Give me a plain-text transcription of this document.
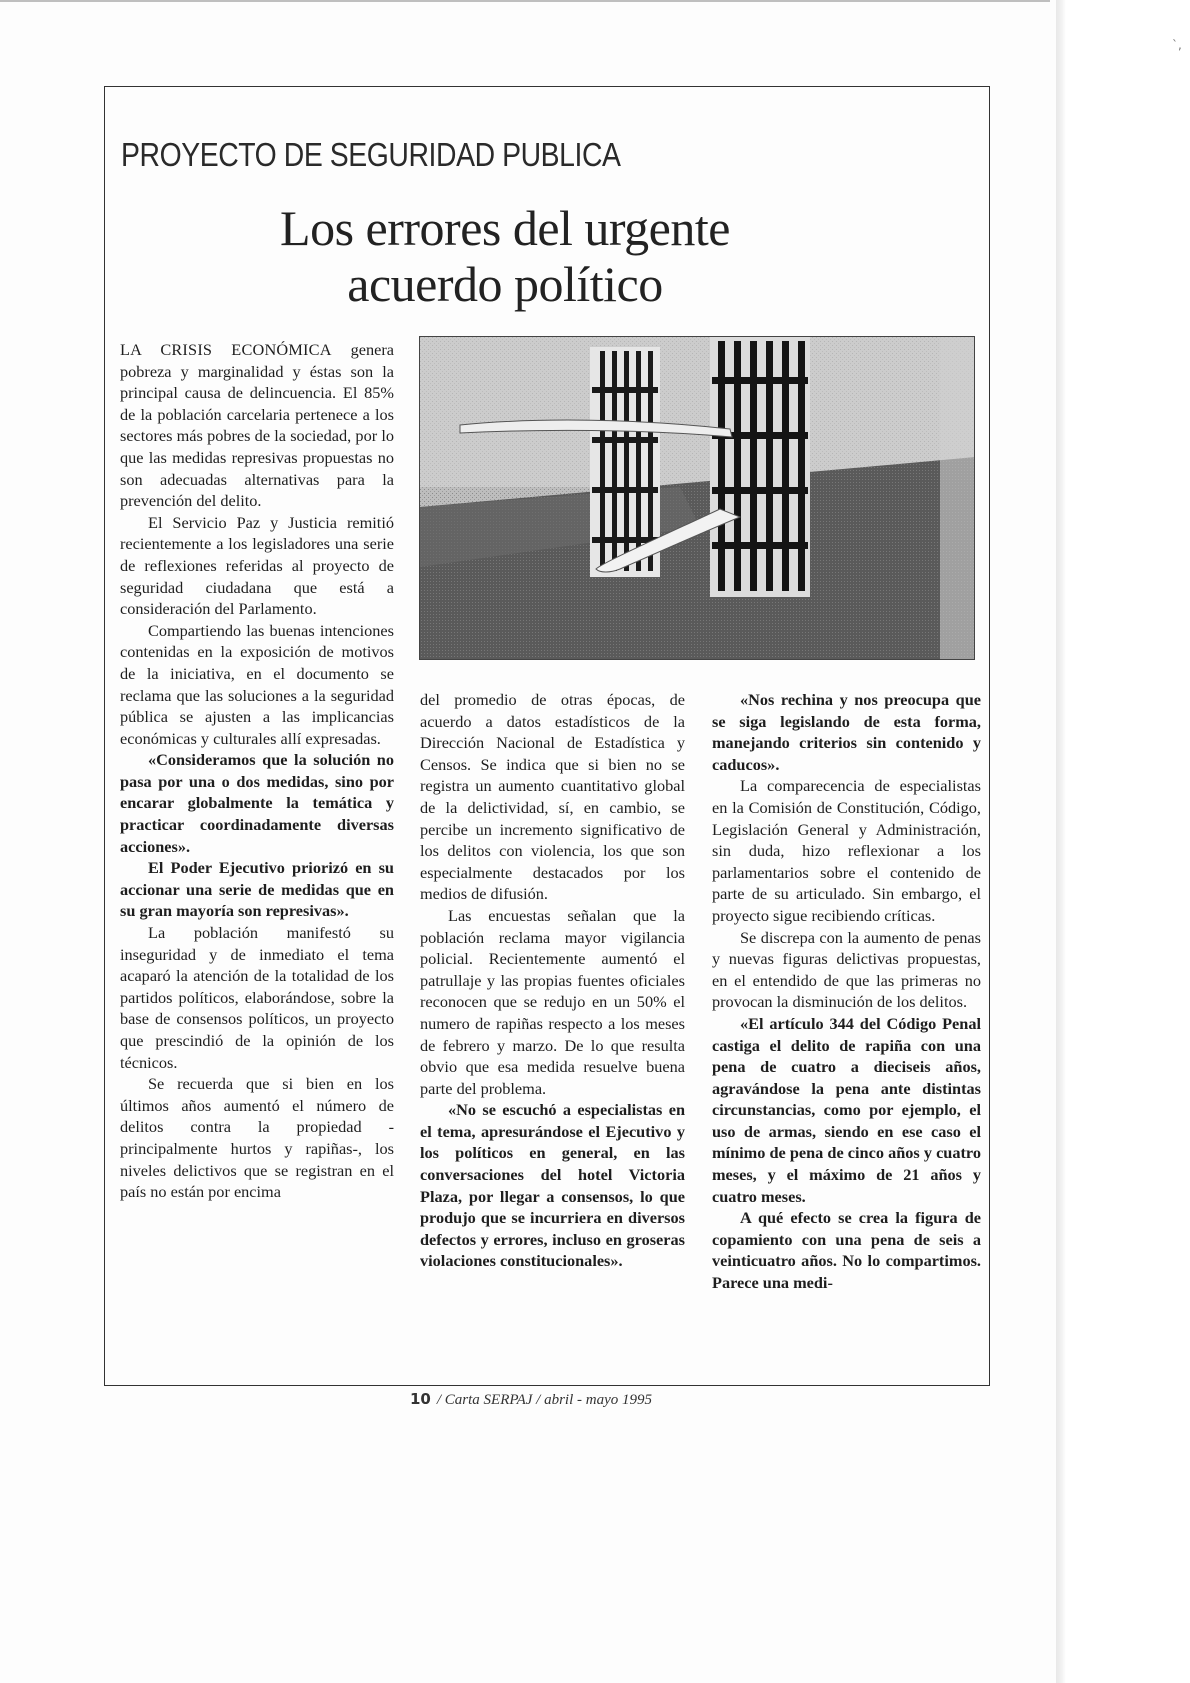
`,
PROYECTO DE SEGURIDAD PUBLICA
Los errores del urgente acuerdo político

LA CRISIS ECONÓMICA genera pobreza y marginalidad y éstas son la principal causa de delincuencia. El 85% de la población carcelaria pertenece a los sectores más pobres de la sociedad, por lo que las medidas represivas propuestas no son adecuadas alternativas para la prevención del delito.

El Servicio Paz y Justicia remitió recientemente a los legisladores una serie de reflexiones referidas al proyecto de seguridad ciudadana que está a consideración del Parlamento.

Compartiendo las buenas intenciones contenidas en la exposición de motivos de la iniciativa, en el documento se reclama que las soluciones a la seguridad pública se ajusten a las implicancias económicas y culturales allí expresadas.

«Consideramos que la solución no pasa por una o dos medidas, sino por encarar globalmente la temática y practicar coordinadamente diversas acciones».

El Poder Ejecutivo priorizó en su accionar una serie de medidas que en su gran mayoría son represivas».

La población manifestó su inseguridad y de inmediato el tema acaparó la atención de la totalidad de los partidos políticos, elaborándose, sobre la base de consensos políticos, un proyecto que prescindió de la opinión de los técnicos.

Se recuerda que si bien en los últimos años aumentó el número de delitos contra la propiedad - principalmente hurtos y rapiñas-, los niveles delictivos que se registran en el país no están por encima

del promedio de otras épocas, de acuerdo a datos estadísticos de la Dirección Nacional de Estadística y Censos. Se indica que si bien no se registra un aumento cuantitativo global de la delictividad, sí, en cambio, se percibe un incremento significativo de los delitos con violencia, los que son especialmente destacados por los medios de difusión.

Las encuestas señalan que la población reclama mayor vigilancia policial. Recientemente aumentó el patrullaje y las propias fuentes oficiales reconocen que se redujo en un 50% el numero de rapiñas respecto a los meses de febrero y marzo. De lo que resulta obvio que esa medida resuelve buena parte del problema.

«No se escuchó a especialistas en el tema, apresurándose el Ejecutivo y los políticos en general, en las conversaciones del hotel Victoria Plaza, por llegar a consensos, lo que produjo que se incurriera en diversos defectos y errores, incluso en groseras violaciones constitucionales».

«Nos rechina y nos preocupa que se siga legislando de esta forma, manejando criterios sin contenido y caducos».

La comparecencia de especialistas en la Comisión de Constitución, Código, Legislación General y Administración, sin duda, hizo reflexionar a los parlamentarios sobre el contenido de parte de su articulado. Sin embargo, el proyecto sigue recibiendo críticas.

Se discrepa con la aumento de penas y nuevas figuras delictivas propuestas, en el entendido de que las primeras no provocan la disminución de los delitos.

«El artículo 344 del Código Penal castiga el delito de rapiña con una pena de cuatro a dieciseis años, agravándose la pena ante distintas circunstancias, como por ejemplo, el uso de armas, siendo en ese caso el mínimo de pena de cinco años y cuatro meses, y el máximo de 21 años y cuatro meses.

A qué efecto se crea la figura de copamiento con una pena de seis a veinticuatro años. No lo compartimos. Parece una medi-

10 / Carta SERPAJ / abril - mayo 1995
